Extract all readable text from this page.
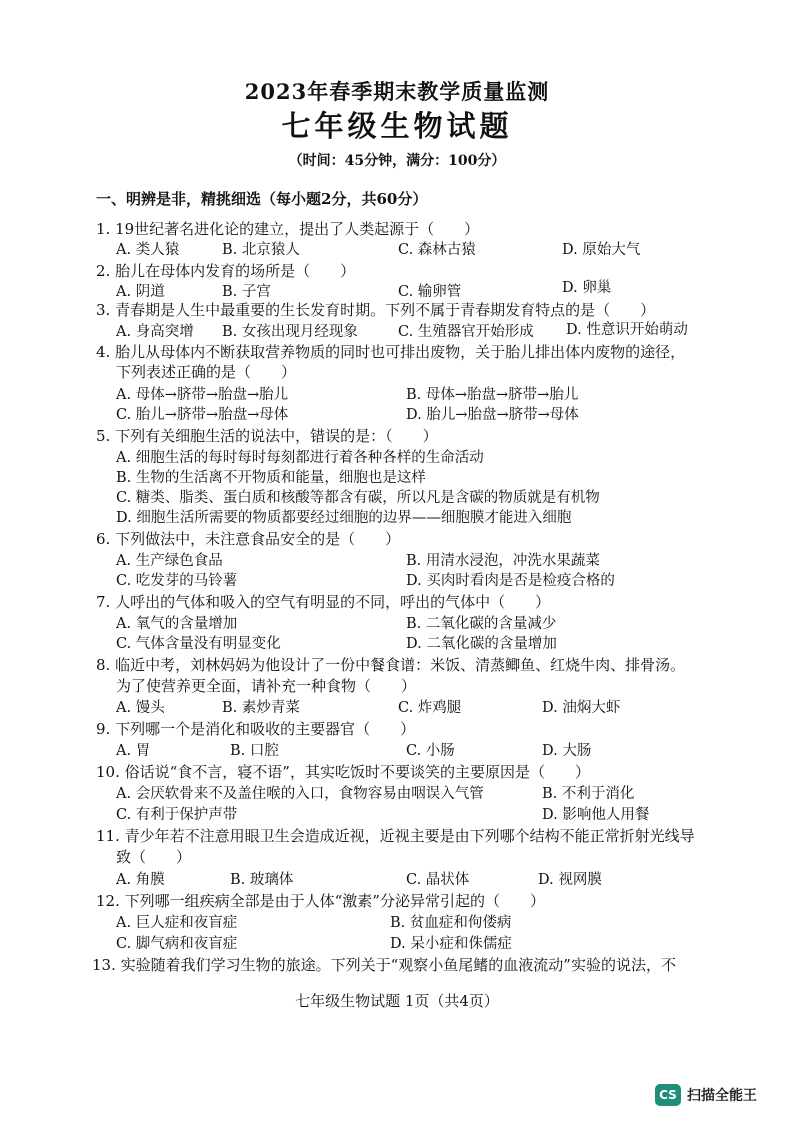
2023年春季期末教学质量监测
七年级生物试题
（时间：45分钟，满分：100分）
一、明辨是非，精挑细选（每小题2分，共60分）
1. 19世纪著名进化论的建立，提出了人类起源于（　　）
A. 类人猿	B. 北京猿人	C. 森林古猿	D. 原始大气
2. 胎儿在母体内发育的场所是（　　）
A. 阴道	B. 子宫	C. 输卵管	D. 卵巢
3. 青春期是人生中最重要的生长发育时期。下列不属于青春期发育特点的是（　　）
A. 身高突增 B. 女孩出现月经现象	C. 生殖器官开始形成 D. 性意识开始萌动
4. 胎儿从母体内不断获取营养物质的同时也可排出废物，关于胎儿排出体内废物的途径，
下列表述正确的是（　　）
A. 母体→脐带→胎盘→胎儿	B. 母体→胎盘→脐带→胎儿
C. 胎儿→脐带→胎盘→母体	D. 胎儿→胎盘→脐带→母体
5. 下列有关细胞生活的说法中，错误的是：（　　）
A. 细胞生活的每时每时每刻都进行着各种各样的生命活动
B. 生物的生活离不开物质和能量，细胞也是这样
C. 糖类、脂类、蛋白质和核酸等都含有碳，所以凡是含碳的物质就是有机物
D. 细胞生活所需要的物质都要经过细胞的边界——细胞膜才能进入细胞
6. 下列做法中，未注意食品安全的是（　　）
A. 生产绿色食品	B. 用清水浸泡，冲洗水果蔬菜
C. 吃发芽的马铃薯	D. 买肉时看肉是否是检疫合格的
7. 人呼出的气体和吸入的空气有明显的不同，呼出的气体中（　　）
A. 氧气的含量增加	B. 二氧化碳的含量减少
C. 气体含量没有明显变化	D. 二氧化碳的含量增加
8. 临近中考，刘林妈妈为他设计了一份中餐食谱：米饭、清蒸鲫鱼、红烧牛肉、排骨汤。
为了使营养更全面，请补充一种食物（　　）
A. 馒头	B. 素炒青菜	C. 炸鸡腿	D. 油焖大虾
9. 下列哪一个是消化和吸收的主要器官（　　）
A. 胃	B. 口腔	C. 小肠	D. 大肠
10. 俗话说“食不言，寝不语”，其实吃饭时不要谈笑的主要原因是（　　）
A. 会厌软骨来不及盖住喉的入口，食物容易由咽误入气管	B. 不利于消化
C. 有利于保护声带	D. 影响他人用餐
11. 青少年若不注意用眼卫生会造成近视，近视主要是由下列哪个结构不能正常折射光线导
致（　　）
A. 角膜	B. 玻璃体	C. 晶状体	D. 视网膜
12. 下列哪一组疾病全部是由于人体“激素”分泌异常引起的（　　）
A. 巨人症和夜盲症	B. 贫血症和佝偻病
C. 脚气病和夜盲症	D. 呆小症和侏儒症
13. 实验随着我们学习生物的旅途。下列关于“观察小鱼尾鳍的血液流动”实验的说法，不
七年级生物试题 1页（共4页）
CS 扫描全能王
